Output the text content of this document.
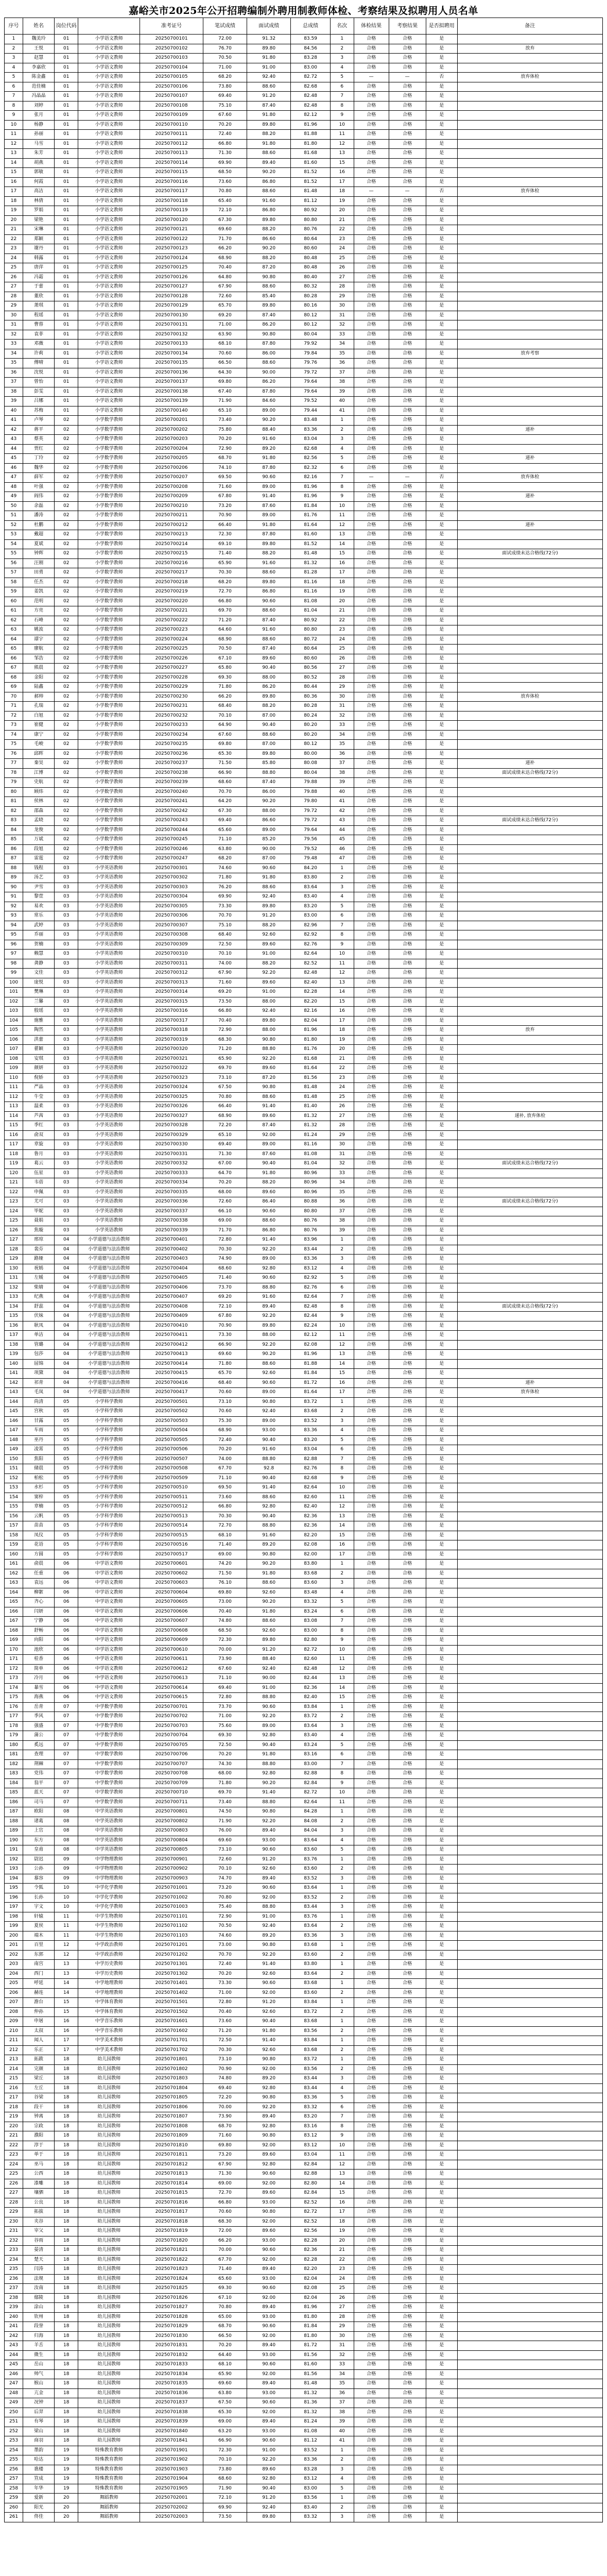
嘉峪关市2025年公开招聘编制外聘用制教师体检、考察结果及拟聘用人员名单
序号	姓名	岗位代码		准考证号	笔试成绩	面试成绩	总成绩	名次	体检结果	考察结果	是否拟聘用	备注
1	魏美玲	01	小学语文教师	20250700101	72.00	91.32	83.59	1	合格	合格	是	
2	王悦	01	小学语文教师	20250700102	76.70	89.80	84.56	2	合格	合格	是	放弃
3	赵慧	01	小学语文教师	20250700103	70.50	91.80	83.28	3	合格	合格	是	
4	李嘉欣	01	小学语文教师	20250700104	71.00	91.00	83.00	4	合格	合格	是	
5	陈金鑫	01	小学语文教师	20250700105	68.20	92.40	82.72	5	—	—	否	放弃体检
6	范佳楠	01	小学语文教师	20250700106	73.80	88.60	82.68	6	合格	合格	是	
7	冯晶晶	01	小学语文教师	20250700107	69.40	91.20	82.48	7	合格	合格	是	
8	刘婷	01	小学语文教师	20250700108	75.10	87.40	82.48	8	合格	合格	是	
9	张月	01	小学语文教师	20250700109	67.60	91.80	82.12	9	合格	合格	是	
10	杨静	01	小学语文教师	20250700110	70.20	89.80	81.96	10	合格	合格	是	
11	孙丽	01	小学语文教师	20250700111	72.40	88.20	81.88	11	合格	合格	是	
12	马雪	01	小学语文教师	20250700112	66.80	91.80	81.80	12	合格	合格	是	
13	朱芳	01	小学语文教师	20250700113	71.30	88.60	81.68	13	合格	合格	是	
14	胡燕	01	小学语文教师	20250700114	69.90	89.40	81.60	15	合格	合格	是	
15	郭敏	01	小学语文教师	20250700115	68.50	90.20	81.52	16	合格	合格	是	
16	何霞	01	小学语文教师	20250700116	73.60	86.80	81.52	17	合格	合格	是	
17	高洁	01	小学语文教师	20250700117	70.80	88.60	81.48	18	—	—	否	放弃体检
18	林倩	01	小学语文教师	20250700118	65.40	91.60	81.12	19	合格	合格	是	
19	罗娟	01	小学语文教师	20250700119	72.10	86.80	80.92	20	合格	合格	是	
20	梁艳	01	小学语文教师	20250700120	67.30	89.80	80.80	21	合格	合格	是	
21	宋琳	01	小学语文教师	20250700121	69.60	88.20	80.76	22	合格	合格	是	
22	郑颖	01	小学语文教师	20250700122	71.70	86.60	80.64	23	合格	合格	是	
23	谢丹	01	小学语文教师	20250700123	66.20	90.20	80.60	24	合格	合格	是	
24	韩露	01	小学语文教师	20250700124	68.90	88.20	80.48	25	合格	合格	是	
25	唐萍	01	小学语文教师	20250700125	70.40	87.20	80.48	26	合格	合格	是	
26	冯霜	01	小学语文教师	20250700126	64.80	90.80	80.40	27	合格	合格	是	
27	于蕾	01	小学语文教师	20250700127	67.90	88.60	80.32	28	合格	合格	是	
28	董欣	01	小学语文教师	20250700128	72.60	85.40	80.28	29	合格	合格	是	
29	萧琪	01	小学语文教师	20250700129	65.70	89.80	80.16	30	合格	合格	是	
30	程瑶	01	小学语文教师	20250700130	69.20	87.40	80.12	31	合格	合格	是	
31	曹蓉	01	小学语文教师	20250700131	71.00	86.20	80.12	32	合格	合格	是	
32	袁菲	01	小学语文教师	20250700132	63.90	90.80	80.04	33	合格	合格	是	
33	邓薇	01	小学语文教师	20250700133	68.10	87.80	79.92	34	合格	合格	是	
34	许莉	01	小学语文教师	20250700134	70.60	86.00	79.84	35	合格	合格	是	放弃考察
35	傅晴	01	小学语文教师	20250700135	66.50	88.60	79.76	36	合格	合格	是	
36	沈悦	01	小学语文教师	20250700136	64.30	90.00	79.72	37	合格	合格	是	
37	曾怡	01	小学语文教师	20250700137	69.80	86.20	79.64	38	合格	合格	是	
38	彭雯	01	小学语文教师	20250700138	67.40	87.80	79.64	39	合格	合格	是	
39	吕娜	01	小学语文教师	20250700139	71.90	84.60	79.52	40	合格	合格	是	
40	苏梅	01	小学语文教师	20250700140	65.10	89.00	79.44	41	合格	合格	是	
41	卢琴	02	小学数学教师	20250700201	73.40	90.20	83.48	1	合格	合格	是	
42	蒋平	02	小学数学教师	20250700202	75.80	88.40	83.36	2	合格	合格	是	递补
43	蔡英	02	小学数学教师	20250700203	70.20	91.60	83.04	3	合格	合格	是	
44	贾红	02	小学数学教师	20250700204	72.90	89.20	82.68	4	合格	合格	是	
45	丁玲	02	小学数学教师	20250700205	68.70	91.80	82.56	5	合格	合格	是	递补
46	魏华	02	小学数学教师	20250700206	74.10	87.80	82.32	6	合格	合格	是	
47	薛军	02	小学数学教师	20250700207	69.50	90.60	82.16	7	—	—	否	放弃体检
48	叶强	02	小学数学教师	20250700208	71.60	89.00	81.96	8	合格	合格	是	
49	阎伟	02	小学数学教师	20250700209	67.80	91.40	81.96	9	合格	合格	是	递补
50	余磊	02	小学数学教师	20250700210	73.20	87.60	81.84	10	合格	合格	是	
51	潘涛	02	小学数学教师	20250700211	70.90	89.00	81.76	11	合格	合格	是	
52	杜鹏	02	小学数学教师	20250700212	66.40	91.80	81.64	12	合格	合格	是	递补
53	戴超	02	小学数学教师	20250700213	72.30	87.80	81.60	13	合格	合格	是	
54	夏斌	02	小学数学教师	20250700214	69.10	89.80	81.52	14	合格	合格	是	
55	钟辉	02	小学数学教师	20250700215	71.40	88.20	81.48	15	合格	合格	是	面试成绩未达合格线(72分)
56	汪刚	02	小学数学教师	20250700216	65.90	91.60	81.32	16	合格	合格	是	
57	田勇	02	小学数学教师	20250700217	70.30	88.60	81.28	17	合格	合格	是	
58	任杰	02	小学数学教师	20250700218	68.20	89.80	81.16	18	合格	合格	是	
59	姜凯	02	小学数学教师	20250700219	72.70	86.80	81.16	19	合格	合格	是	
60	范明	02	小学数学教师	20250700220	66.80	90.60	81.08	20	合格	合格	是	
61	方亮	02	小学数学教师	20250700221	69.70	88.60	81.04	21	合格	合格	是	
62	石峰	02	小学数学教师	20250700222	71.20	87.40	80.92	22	合格	合格	是	
63	姚波	02	小学数学教师	20250700223	64.60	91.60	80.80	23	合格	合格	是	
64	谭宇	02	小学数学教师	20250700224	68.90	88.60	80.72	24	合格	合格	是	
65	廖航	02	小学数学教师	20250700225	70.50	87.40	80.64	25	合格	合格	是	
66	邹浩	02	小学数学教师	20250700226	67.10	89.60	80.60	26	合格	合格	是	
67	熊晨	02	小学数学教师	20250700227	65.80	90.40	80.56	27	合格	合格	是	
68	金阳	02	小学数学教师	20250700228	69.30	88.00	80.52	28	合格	合格	是	
69	陆鑫	02	小学数学教师	20250700229	71.80	86.20	80.44	29	合格	合格	是	
70	郝帅	02	小学数学教师	20250700230	66.20	89.80	80.36	30	合格	合格	是	放弃体检
71	孔瑞	02	小学数学教师	20250700231	68.40	88.20	80.28	31	合格	合格	是	
72	白旭	02	小学数学教师	20250700232	70.10	87.00	80.24	32	合格	合格	是	
73	崔健	02	小学数学教师	20250700233	64.90	90.40	80.20	33	合格	合格	是	
74	康宁	02	小学数学教师	20250700234	67.60	88.60	80.20	34	合格	合格	是	
75	毛峻	02	小学数学教师	20250700235	69.80	87.00	80.12	35	合格	合格	是	
76	邱晖	02	小学数学教师	20250700236	65.30	89.80	80.00	36	合格	合格	是	
77	秦昊	02	小学数学教师	20250700237	71.50	85.80	80.08	37	合格	合格	是	递补
78	江博	02	小学数学教师	20250700238	66.90	88.80	80.04	38	合格	合格	是	面试成绩未达合格线(72分)
79	史航	02	小学数学教师	20250700239	68.60	87.40	79.88	39	合格	合格	是	
80	顾炜	02	小学数学教师	20250700240	70.70	86.00	79.88	40	合格	合格	是	
81	侯林	02	小学数学教师	20250700241	64.20	90.20	79.80	41	合格	合格	是	
82	邵森	02	小学数学教师	20250700242	67.30	88.00	79.72	42	合格	合格	是	
83	孟晓	02	小学数学教师	20250700243	69.40	86.60	79.72	43	合格	合格	是	面试成绩未达合格线(72分)
84	龙俊	02	小学数学教师	20250700244	65.60	89.00	79.64	44	合格	合格	是	
85	万斌	02	小学数学教师	20250700245	71.10	85.20	79.56	45	合格	合格	是	
86	段旭	02	小学数学教师	20250700246	63.80	90.00	79.52	46	合格	合格	是	
87	雷霆	02	小学数学教师	20250700247	68.20	87.00	79.48	47	合格	合格	是	
88	钱程	03	小学英语教师	20250700301	74.60	90.60	84.20	1	合格	合格	是	
89	汤艺	03	小学英语教师	20250700302	71.80	91.80	83.80	2	合格	合格	是	
90	尹雪	03	小学英语教师	20250700303	76.20	88.60	83.64	3	合格	合格	是	
91	黎萱	03	小学英语教师	20250700304	69.90	92.40	83.40	4	合格	合格	是	
92	易欢	03	小学英语教师	20250700305	73.30	89.80	83.20	5	合格	合格	是	
93	常乐	03	小学英语教师	20250700306	70.70	91.20	83.00	6	合格	合格	是	
94	武婷	03	小学英语教师	20250700307	75.10	88.20	82.96	7	合格	合格	是	
95	乔丽	03	小学英语教师	20250700308	68.40	92.60	82.92	8	合格	合格	是	
96	贺楠	03	小学英语教师	20250700309	72.50	89.60	82.76	9	合格	合格	是	
97	赖慧	03	小学英语教师	20250700310	70.10	91.00	82.64	10	合格	合格	是	
98	龚静	03	小学英语教师	20250700311	74.00	88.20	82.52	11	合格	合格	是	
99	文佳	03	小学英语教师	20250700312	67.90	92.20	82.48	12	合格	合格	是	
100	庞悦	03	小学英语教师	20250700313	71.60	89.60	82.40	13	合格	合格	是	
101	樊琳	03	小学英语教师	20250700314	69.20	91.00	82.28	14	合格	合格	是	
102	兰馨	03	小学英语教师	20250700315	73.50	88.00	82.20	15	合格	合格	是	
103	殷瑶	03	小学英语教师	20250700316	66.80	92.40	82.16	16	合格	合格	是	
104	施雅	03	小学英语教师	20250700317	70.40	89.80	82.04	17	合格	合格	是	
105	陶然	03	小学英语教师	20250700318	72.90	88.00	81.96	18	合格	合格	是	放弃
106	洪蕾	03	小学英语教师	20250700319	68.30	90.80	81.80	19	合格	合格	是	
107	翟颖	03	小学英语教师	20250700320	71.20	88.80	81.76	20	合格	合格	是	
108	安琪	03	小学英语教师	20250700321	65.90	92.20	81.68	21	合格	合格	是	
109	颜妍	03	小学英语教师	20250700322	69.70	89.60	81.64	22	合格	合格	是	
110	倪娇	03	小学英语教师	20250700323	73.10	87.20	81.56	23	合格	合格	是	
111	严晶	03	小学英语教师	20250700324	67.50	90.80	81.48	24	合格	合格	是	
112	牛莹	03	小学英语教师	20250700325	70.80	88.60	81.48	25	合格	合格	是	
113	温柔	03	小学英语教师	20250700326	66.40	91.40	81.40	26	合格	合格	是	
114	芦茜	03	小学英语教师	20250700327	68.90	89.60	81.32	27	合格	合格	是	递补, 放弃体检
115	季红	03	小学英语教师	20250700328	72.20	87.40	81.32	28	合格	合格	是	
116	俞双	03	小学英语教师	20250700329	65.10	92.00	81.24	29	合格	合格	是	
117	章旋	03	小学英语教师	20250700330	69.40	89.00	81.16	30	合格	合格	是	
118	鲁月	03	小学英语教师	20250700331	71.30	87.60	81.08	31	合格	合格	是	
119	葛云	03	小学英语教师	20250700332	67.00	90.40	81.04	32	合格	合格	是	面试成绩未达合格线(72分)
120	伍星	03	小学英语教师	20250700333	64.70	91.80	80.96	33	合格	合格	是	
121	韦蓓	03	小学英语教师	20250700334	70.20	88.20	80.96	34	合格	合格	是	
122	申佩	03	小学英语教师	20250700335	68.00	89.60	80.96	35	合格	合格	是	
123	尤可	03	小学英语教师	20250700336	72.60	86.40	80.88	36	合格	合格	是	面试成绩未达合格线(72分)
124	毕妮	03	小学英语教师	20250700337	66.10	90.60	80.80	37	合格	合格	是	
125	聂娟	03	小学英语教师	20250700338	69.00	88.60	80.76	38	合格	合格	是	
126	焦璇	03	小学英语教师	20250700339	71.70	86.80	80.76	39	合格	合格	是	
127	邢琼	04	小学道德与法治教师	20250700401	72.80	91.40	83.96	1	合格	合格	是	
128	裴芬	04	小学道德与法治教师	20250700402	70.30	92.20	83.44	2	合格	合格	是	
129	路娅	04	小学道德与法治教师	20250700403	74.90	89.00	83.36	3	合格	合格	是	
130	祝嫣	04	小学道德与法治教师	20250700404	68.60	92.80	83.12	4	合格	合格	是	
131	左媛	04	小学道德与法治教师	20250700405	71.40	90.60	82.92	5	合格	合格	是	
132	柴婧	04	小学道德与法治教师	20250700406	73.70	88.80	82.76	6	合格	合格	是	
133	纪燕	04	小学道德与法治教师	20250700407	69.20	91.60	82.64	7	合格	合格	是	
134	舒蕊	04	小学道德与法治教师	20250700408	72.10	89.40	82.48	8	合格	合格	是	面试成绩未达合格线(72分)
135	伏妹	04	小学道德与法治教师	20250700409	67.80	92.20	82.44	9	合格	合格	是	
136	耿凤	04	小学道德与法治教师	20250700410	70.90	89.80	82.24	10	合格	合格	是	
137	单洁	04	小学道德与法治教师	20250700411	73.30	88.00	82.12	11	合格	合格	是	
138	管璐	04	小学道德与法治教师	20250700412	66.90	92.20	82.08	12	合格	合格	是	
139	包莎	04	小学道德与法治教师	20250700413	69.60	90.20	81.96	13	合格	合格	是	
140	屈锦	04	小学道德与法治教师	20250700414	71.80	88.60	81.88	14	合格	合格	是	
141	项黛	04	小学道德与法治教师	20250700415	65.70	92.60	81.84	15	合格	合格	是	
142	祁青	04	小学道德与法治教师	20250700416	68.40	90.60	81.72	16	合格	合格	是	递补
143	毛岚	04	小学道德与法治教师	20250700417	70.60	89.00	81.64	17	合格	合格	是	放弃体检
144	尚清	05	小学科学教师	20250700501	73.10	90.80	83.72	1	合格	合格	是	
145	宫秋	05	小学科学教师	20250700502	70.60	92.40	83.68	2	合格	合格	是	
146	甘露	05	小学科学教师	20250700503	75.30	89.00	83.52	3	合格	合格	是	
147	车雨	05	小学科学教师	20250700504	68.90	93.00	83.36	4	合格	合格	是	
148	巫丹	05	小学科学教师	20250700505	72.40	90.40	83.20	5	合格	合格	是	
149	凌霄	05	小学科学教师	20250700506	70.20	91.60	83.04	6	合格	合格	是	
150	焦阳	05	小学科学教师	20250700507	74.00	88.80	82.88	7	合格	合格	是	
151	储晨	05	小学科学教师	20250700508	67.70	92.8	82.76	8	合格	合格	是	
152	柏松	05	小学科学教师	20250700509	71.10	90.40	82.68	9	合格	合格	是	
153	水杉	05	小学科学教师	20250700510	69.50	91.40	82.64	10	合格	合格	是	
154	窦梓	05	小学科学教师	20250700511	73.60	88.60	82.60	11	合格	合格	是	
155	章楠	05	小学科学教师	20250700512	66.80	92.80	82.40	12	合格	合格	是	
156	云帆	05	小学科学教师	20250700513	70.30	90.40	82.36	13	合格	合格	是	
157	苗苗	05	小学科学教师	20250700514	72.70	88.80	82.36	14	合格	合格	是	
158	凤仪	05	小学科学教师	20250700515	68.10	91.60	82.20	15	合格	合格	是	
159	花语	05	小学科学教师	20250700516	71.40	89.20	82.08	16	合格	合格	是	
160	方圆	05	小学科学教师	20250700517	69.00	90.80	82.00	17	合格	合格	是	
161	俞晨	06	中学语文教师	20250700601	74.20	90.20	83.80	1	合格	合格	是	
162	任重	06	中学语文教师	20250700602	71.50	91.80	83.68	2	合格	合格	是	
163	袁远	06	中学语文教师	20250700603	76.10	88.60	83.60	3	合格	合格	是	
164	柳絮	06	中学语文教师	20250700604	69.80	92.60	83.48	4	合格	合格	是	
165	齐心	06	中学语文教师	20250700605	73.00	90.20	83.32	5	合格	合格	是	
166	闫妍	06	中学语文教师	20250700606	70.40	91.80	83.24	6	合格	合格	是	
167	宁静	06	中学语文教师	20250700607	74.80	88.60	83.08	7	合格	合格	是	
168	舒畅	06	中学语文教师	20250700608	68.50	92.60	83.00	8	合格	合格	是	
169	向阳	06	中学语文教师	20250700609	72.30	89.80	82.80	9	合格	合格	是	
170	池欣	06	中学语文教师	20250700610	70.00	91.20	82.72	10	合格	合格	是	
171	桂香	06	中学语文教师	20250700611	73.90	88.40	82.60	11	合格	合格	是	
172	简单	06	中学语文教师	20250700612	67.60	92.40	82.48	12	合格	合格	是	
173	冷月	06	中学语文教师	20250700613	71.10	90.00	82.44	13	合格	合格	是	
174	暴雪	06	中学语文教师	20250700614	69.40	91.00	82.36	14	合格	合格	是	
175	海燕	06	中学语文教师	20250700615	72.80	88.80	82.40	15	合格	合格	是	
176	岳青	07	中学数学教师	20250700701	73.70	90.60	83.84	1	合格	合格	是	
177	季风	07	中学数学教师	20250700702	71.00	92.20	83.72	2	合格	合格	是	
178	强盛	07	中学数学教师	20250700703	75.60	89.00	83.64	3	合格	合格	是	
179	蒲公	07	中学数学教师	20250700704	69.30	92.80	83.40	4	合格	合格	是	
180	奚远	07	中学数学教师	20250700705	72.50	90.40	83.24	5	合格	合格	是	
181	查理	07	中学数学教师	20250700706	70.20	91.80	83.16	6	合格	合格	是	
182	荆棘	07	中学数学教师	20250700707	74.30	88.80	83.00	7	合格	合格	是	
183	党伟	07	中学数学教师	20250700708	68.00	92.80	82.88	8	合格	合格	是	
184	翁平	07	中学数学教师	20250700709	71.80	90.20	82.84	9	合格	合格	是	
185	蓝天	07	中学数学教师	20250700710	69.70	91.40	82.72	10	合格	合格	是	
186	司马	07	中学数学教师	20250700711	73.40	88.80	82.64	11	合格	合格	是	
187	欧阳	08	中学英语教师	20250700801	74.50	90.80	84.28	1	合格	合格	是	
188	诸葛	08	中学英语教师	20250700802	71.90	92.20	84.08	2	合格	合格	是	
189	上官	08	中学英语教师	20250700803	76.00	89.40	84.04	3	合格	合格	是	
190	东方	08	中学英语教师	20250700804	69.60	93.00	83.64	4	合格	合格	是	
191	皇甫	08	中学英语教师	20250700805	73.10	90.60	83.60	5	合格	合格	是	
192	尉迟	09	中学物理教师	20250700901	72.60	91.20	83.76	1	合格	合格	是	
193	公孙	09	中学物理教师	20250700902	70.10	92.60	83.60	2	合格	合格	是	
194	慕容	09	中学物理教师	20250700903	74.70	89.40	83.52	3	合格	合格	是	
195	令狐	10	中学化学教师	20250701001	73.20	90.60	83.64	1	合格	合格	是	
196	长孙	10	中学化学教师	20250701002	70.80	92.00	83.52	2	合格	合格	是	
197	宇文	10	中学化学教师	20250701003	75.40	88.80	83.44	3	合格	合格	是	
198	轩辕	11	中学生物教师	20250701101	72.90	91.00	83.76	1	合格	合格	是	
199	夏侯	11	中学生物教师	20250701102	70.50	92.40	83.64	2	合格	合格	是	
200	端木	11	中学生物教师	20250701103	74.60	89.20	83.36	3	合格	合格	是	
201	百里	12	中学政治教师	20250701201	73.00	90.80	83.68	1	合格	合格	是	
202	东郭	12	中学政治教师	20250701202	70.70	92.20	83.60	2	合格	合格	是	
203	南宫	13	中学历史教师	20250701301	72.40	91.40	83.80	1	合格	合格	是	
204	西门	13	中学历史教师	20250701302	70.20	92.60	83.64	2	合格	合格	是	
205	呼延	14	中学地理教师	20250701401	73.30	90.60	83.68	1	合格	合格	是	
206	赫连	14	中学地理教师	20250701402	71.00	92.00	83.60	2	合格	合格	是	
207	澹台	15	中学体育教师	20250701501	72.80	91.20	83.84	1	合格	合格	是	
208	仲孙	15	中学体育教师	20250701502	70.40	92.60	83.72	2	合格	合格	是	
209	申屠	16	中学音乐教师	20250701601	73.60	90.40	83.68	1	合格	合格	是	
210	太叔	16	中学音乐教师	20250701602	71.20	91.80	83.56	2	合格	合格	是	
211	闻人	17	中学美术教师	20250701701	72.50	91.40	83.84	1	合格	合格	是	
212	乐正	17	中学美术教师	20250701702	70.30	92.60	83.68	2	合格	合格	是	
213	拓跋	18	幼儿园教师	20250701801	73.10	90.80	83.72	1	合格	合格	是	
214	完颜	18	幼儿园教师	20250701802	70.90	92.00	83.56	2	合格	合格	是	
215	梁丘	18	幼儿园教师	20250701803	74.80	89.20	83.44	3	合格	合格	是	
216	左丘	18	幼儿园教师	20250701804	69.40	92.80	83.44	4	合格	合格	是	
217	谷梁	18	幼儿园教师	20250701805	72.20	90.80	83.36	5	合格	合格	是	
218	段干	18	幼儿园教师	20250701806	70.00	92.20	83.32	6	合格	合格	是	
219	钟离	18	幼儿园教师	20250701807	73.90	89.40	83.20	7	合格	合格	是	
220	宗政	18	幼儿园教师	20250701808	68.70	92.80	83.16	8	合格	合格	是	
221	濮阳	18	幼儿园教师	20250701809	71.60	90.80	83.12	9	合格	合格	是	
222	淳于	18	幼儿园教师	20250701810	69.80	92.00	83.12	10	合格	合格	是	
223	单于	18	幼儿园教师	20250701811	73.20	89.60	83.04	11	合格	合格	是	
224	巫马	18	幼儿园教师	20250701812	67.90	92.80	82.84	12	合格	合格	是	
225	公西	18	幼儿园教师	20250701813	71.30	90.60	82.88	13	合格	合格	是	
226	漆雕	18	幼儿园教师	20250701814	69.00	92.00	82.80	14	合格	合格	是	
227	壤驷	18	幼儿园教师	20250701815	72.70	89.60	82.84	15	合格	合格	是	
228	公良	18	幼儿园教师	20250701816	66.80	93.00	82.52	16	合格	合格	是	
229	拓拔	18	幼儿园教师	20250701817	70.60	90.80	82.72	17	合格	合格	是	
230	夹谷	18	幼儿园教师	20250701818	68.30	92.00	82.52	18	合格	合格	是	
231	宰父	18	幼儿园教师	20250701819	72.00	89.60	82.56	19	合格	合格	是	
232	谷雨	18	幼儿园教师	20250701820	66.20	93.00	82.28	20	合格	合格	是	
233	晏清	18	幼儿园教师	20250701821	70.00	90.60	82.36	21	合格	合格	是	
234	楚天	18	幼儿园教师	20250701822	67.70	92.00	82.28	22	合格	合格	是	
235	闫涛	18	幼儿园教师	20250701823	71.40	89.40	82.20	23	合格	合格	是	
236	法规	18	幼儿园教师	20250701824	65.60	93.00	82.04	24	合格	合格	是	
237	汝南	18	幼儿园教师	20250701825	69.30	90.60	82.08	25	合格	合格	是	
238	鄢陵	18	幼儿园教师	20250701826	67.10	92.00	82.04	26	合格	合格	是	
239	涂山	18	幼儿园教师	20250701827	70.80	89.40	81.96	27	合格	合格	是	
240	钦州	18	幼儿园教师	20250701828	65.00	93.00	81.80	28	合格	合格	是	
241	段誉	18	幼儿园教师	20250701829	68.70	90.60	81.84	29	合格	合格	是	
242	归海	18	幼儿园教师	20250701830	66.50	92.00	81.80	30	合格	合格	是	
243	羊舌	18	幼儿园教师	20250701831	70.20	89.40	81.72	31	合格	合格	是	
244	微生	18	幼儿园教师	20250701832	64.40	93.00	81.56	32	合格	合格	是	
245	岳山	18	幼儿园教师	20250701833	68.10	90.60	81.60	33	合格	合格	是	
246	帅气	18	幼儿园教师	20250701834	65.90	92.00	81.56	34	合格	合格	是	
247	缑山	18	幼儿园教师	20250701835	69.60	89.40	81.48	35	合格	合格	是	
248	亢金	18	幼儿园教师	20250701836	63.80	93.00	81.32	36	合格	合格	是	
249	况钟	18	幼儿园教师	20250701837	67.50	90.60	81.36	37	合格	合格	是	
250	后羿	18	幼儿园教师	20250701838	65.30	92.00	81.32	38	合格	合格	是	
251	有琴	18	幼儿园教师	20250701839	69.00	89.40	81.24	39	合格	合格	是	
252	梁山	18	幼儿园教师	20250701840	63.20	93.00	81.08	40	合格	合格	是	
253	商羽	18	幼儿园教师	20250701841	66.90	90.60	81.12	41	合格	合格	是	
254	墨韵	19	特殊教育教师	20250701901	72.30	91.00	83.52	1	合格	合格	是	
255	哈达	19	特殊教育教师	20250701902	70.10	92.20	83.36	2	合格	合格	是	
256	谯楼	19	特殊教育教师	20250701903	73.80	89.60	83.28	3	合格	合格	是	
257	笪成	19	特殊教育教师	20250701904	68.60	92.80	83.12	4	合格	合格	是	
258	年华	19	特殊教育教师	20250701905	71.90	90.40	83.00	5	合格	合格	是	
259	爱新	20	舞蹈教师	20250702001	72.10	91.20	83.56	1	合格	合格	是	
260	阳光	20	舞蹈教师	20250702002	69.90	92.40	83.40	2	合格	合格	是	
261	佟佳	20	舞蹈教师	20250702003	73.50	89.80	83.32	3	合格	合格	是	
